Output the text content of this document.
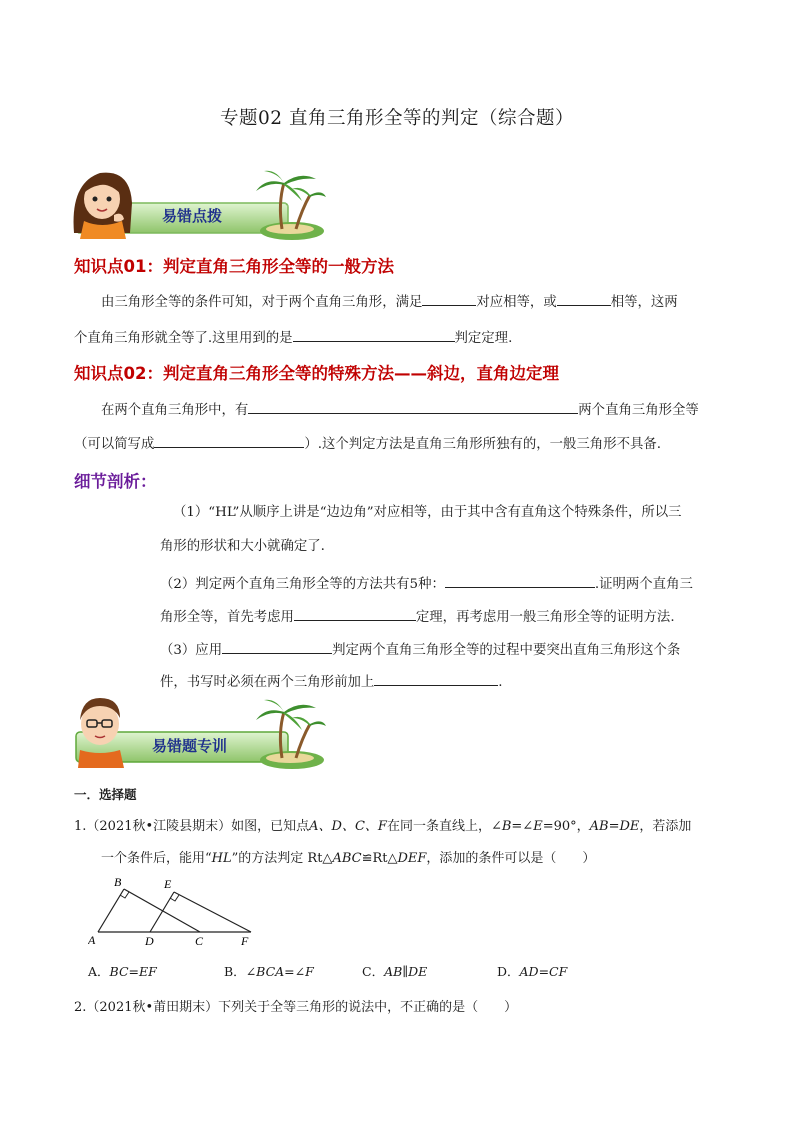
专题02 直角三角形全等的判定（综合题）
易错点拨
知识点01：判定直角三角形全等的一般方法
由三角形全等的条件可知，对于两个直角三角形，满足	对应相等，或	相等，这两
个直角三角形就全等了.这里用到的是	判定定理.
知识点02：判定直角三角形全等的特殊方法——斜边，直角边定理
在两个直角三角形中，有	两个直角三角形全等
（可以简写成	）.这个判定方法是直角三角形所独有的，一般三角形不具备.
细节剖析：
（1）“HL”从顺序上讲是“边边角”对应相等，由于其中含有直角这个特殊条件，所以三
角形的形状和大小就确定了.
（2）判定两个直角三角形全等的方法共有5种：	.证明两个直角三
角形全等，首先考虑用	定理，再考虑用一般三角形全等的证明方法.
（3）应用	判定两个直角三角形全等的过程中要突出直角三角形这个条
件，书写时必须在两个三角形前加上	.
易错题专训
一．选择题
1.（2021秋•江陵县期末）如图，已知点A、D、C、F在同一条直线上，∠B=∠E=90°，AB=DE，若添加
一个条件后，能用“HL”的方法判定 Rt△ABC≌Rt△DEF，添加的条件可以是（　　）
A
B
D
E
C	F
A．BC=EF	B．∠BCA=∠F	C．AB∥DE	D．AD=CF
2.（2021秋•莆田期末）下列关于全等三角形的说法中，不正确的是（　　）
